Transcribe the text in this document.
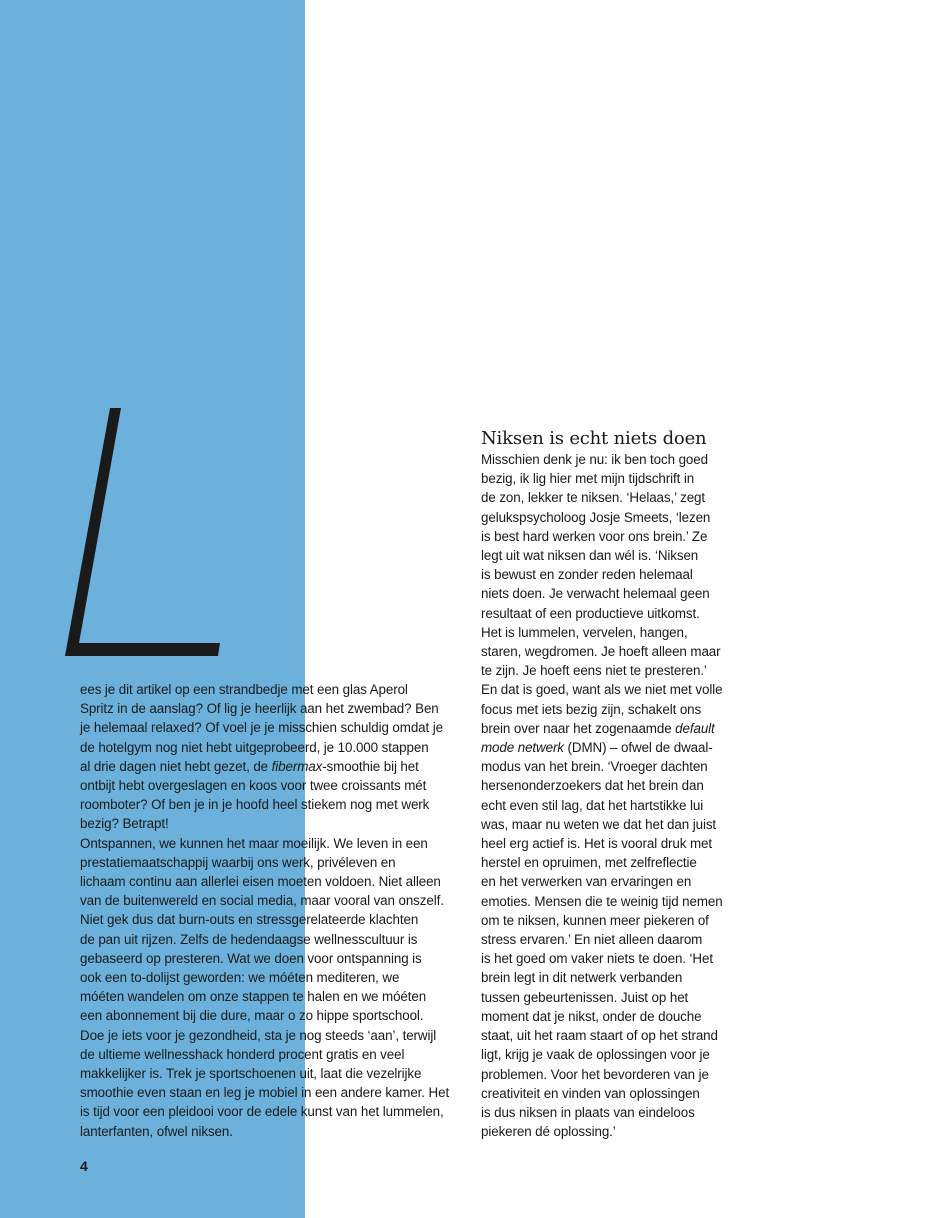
ees je dit artikel op een strandbedje met een glas Aperol
Spritz in de aanslag? Of lig je heerlijk aan het zwembad? Ben
je helemaal relaxed? Of voel je je misschien schuldig omdat je
de hotelgym nog niet hebt uitgeprobeerd, je 10.000 stappen
al drie dagen niet hebt gezet, de fibermax-smoothie bij het
ontbijt hebt overgeslagen en koos voor twee croissants mét
roomboter? Of ben je in je hoofd heel stiekem nog met werk
bezig? Betrapt!
Ontspannen, we kunnen het maar moeilijk. We leven in een
prestatiemaatschappij waarbij ons werk, privéleven en
lichaam continu aan allerlei eisen moeten voldoen. Niet alleen
van de buitenwereld en social media, maar vooral van onszelf.
Niet gek dus dat burn-outs en stressgerelateerde klachten
de pan uit rijzen. Zelfs de hedendaagse wellnesscultuur is
gebaseerd op presteren. Wat we doen voor ontspanning is
ook een to-dolijst geworden: we móéten mediteren, we
móéten wandelen om onze stappen te halen en we móéten
een abonnement bij die dure, maar o zo hippe sportschool.
Doe je iets voor je gezondheid, sta je nog steeds ‘aan’, terwijl
de ultieme wellnesshack honderd procent gratis en veel
makkelijker is. Trek je sportschoenen uit, laat die vezelrijke
smoothie even staan en leg je mobiel in een andere kamer. Het
is tijd voor een pleidooi voor de edele kunst van het lummelen,
lanterfanten, ofwel niksen.
Niksen is echt niets doen
Misschien denk je nu: ik ben toch goed
bezig, ik lig hier met mijn tijdschrift in
de zon, lekker te niksen. ‘Helaas,’ zegt
gelukspsycholoog Josje Smeets, ‘lezen
is best hard werken voor ons brein.’ Ze
legt uit wat niksen dan wél is. ‘Niksen
is bewust en zonder reden helemaal
niets doen. Je verwacht helemaal geen
resultaat of een productieve uitkomst.
Het is lummelen, vervelen, hangen,
staren, wegdromen. Je hoeft alleen maar
te zijn. Je hoeft eens niet te presteren.’
En dat is goed, want als we niet met volle
focus met iets bezig zijn, schakelt ons
brein over naar het zogenaamde default
mode netwerk (DMN) – ofwel de dwaal-
modus van het brein. ‘Vroeger dachten
hersenonderzoekers dat het brein dan
echt even stil lag, dat het hartstikke lui
was, maar nu weten we dat het dan juist
heel erg actief is. Het is vooral druk met
herstel en opruimen, met zelfreflectie
en het verwerken van ervaringen en
emoties. Mensen die te weinig tijd nemen
om te niksen, kunnen meer piekeren of
stress ervaren.’ En niet alleen daarom
is het goed om vaker niets te doen. ‘Het
brein legt in dit netwerk verbanden
tussen gebeurtenissen. Juist op het
moment dat je nikst, onder de douche
staat, uit het raam staart of op het strand
ligt, krijg je vaak de oplossingen voor je
problemen. Voor het bevorderen van je
creativiteit en vinden van oplossingen
is dus niksen in plaats van eindeloos
piekeren dé oplossing.’
4
